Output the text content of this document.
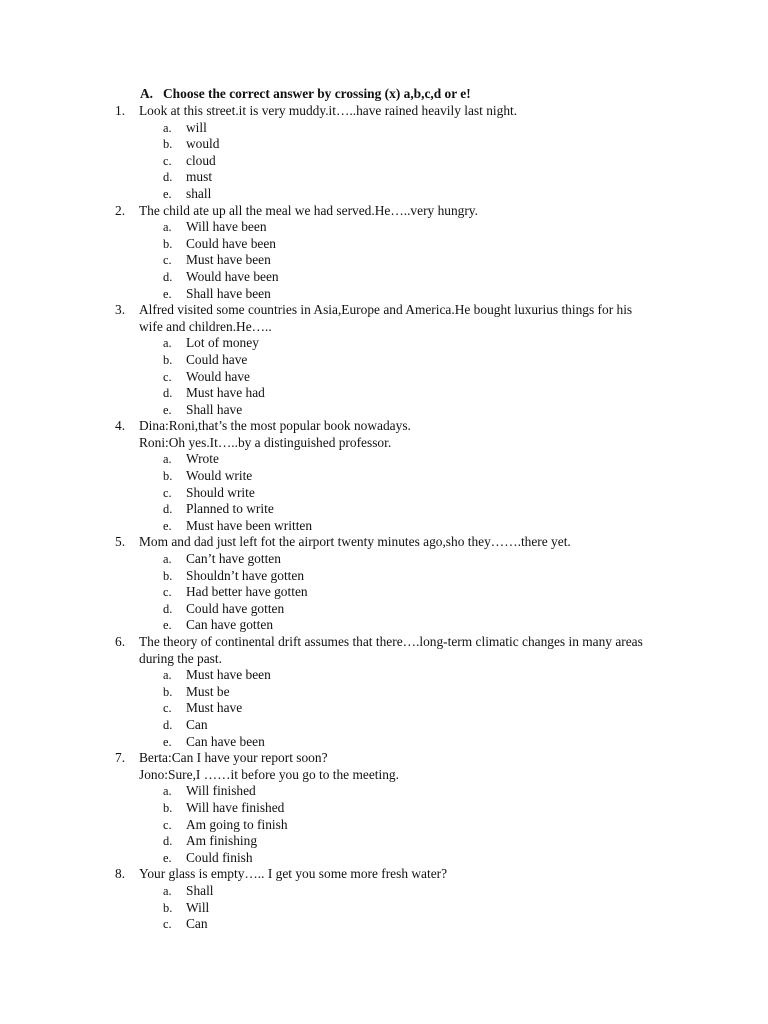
A. Choose the correct answer by crossing (x) a,b,c,d or e!
1.	Look at this street.it is very muddy.it…..have rained heavily last night.
a. will
b. would
c. cloud
d. must
e. shall
2.	The child ate up all the meal we had served.He…..very hungry.
a. Will have been
b. Could have been
c. Must have been
d. Would have been
e. Shall have been
3.	Alfred visited some countries in Asia,Europe and America.He bought luxurius things for his
wife and children.He…..
a. Lot of money
b. Could have
c. Would have
d. Must have had
e. Shall have
4.	Dina:Roni,that’s the most popular book nowadays.
Roni:Oh yes.It…..by a distinguished professor.
a. Wrote
b. Would write
c. Should write
d. Planned to write
e. Must have been written
5.	Mom and dad just left fot the airport twenty minutes ago,sho they…….there yet.
a. Can’t have gotten
b. Shouldn’t have gotten
c. Had better have gotten
d. Could have gotten
e. Can have gotten
6.	The theory of continental drift assumes that there….long-term climatic changes in many areas
during the past.
a. Must have been
b. Must be
c. Must have
d. Can
e. Can have been
7.	Berta:Can I have your report soon?
Jono:Sure,I ……it before you go to the meeting.
a. Will finished
b. Will have finished
c. Am going to finish
d. Am finishing
e. Could finish
8.	Your glass is empty….. I get you some more fresh water?
a. Shall
b. Will
c. Can
